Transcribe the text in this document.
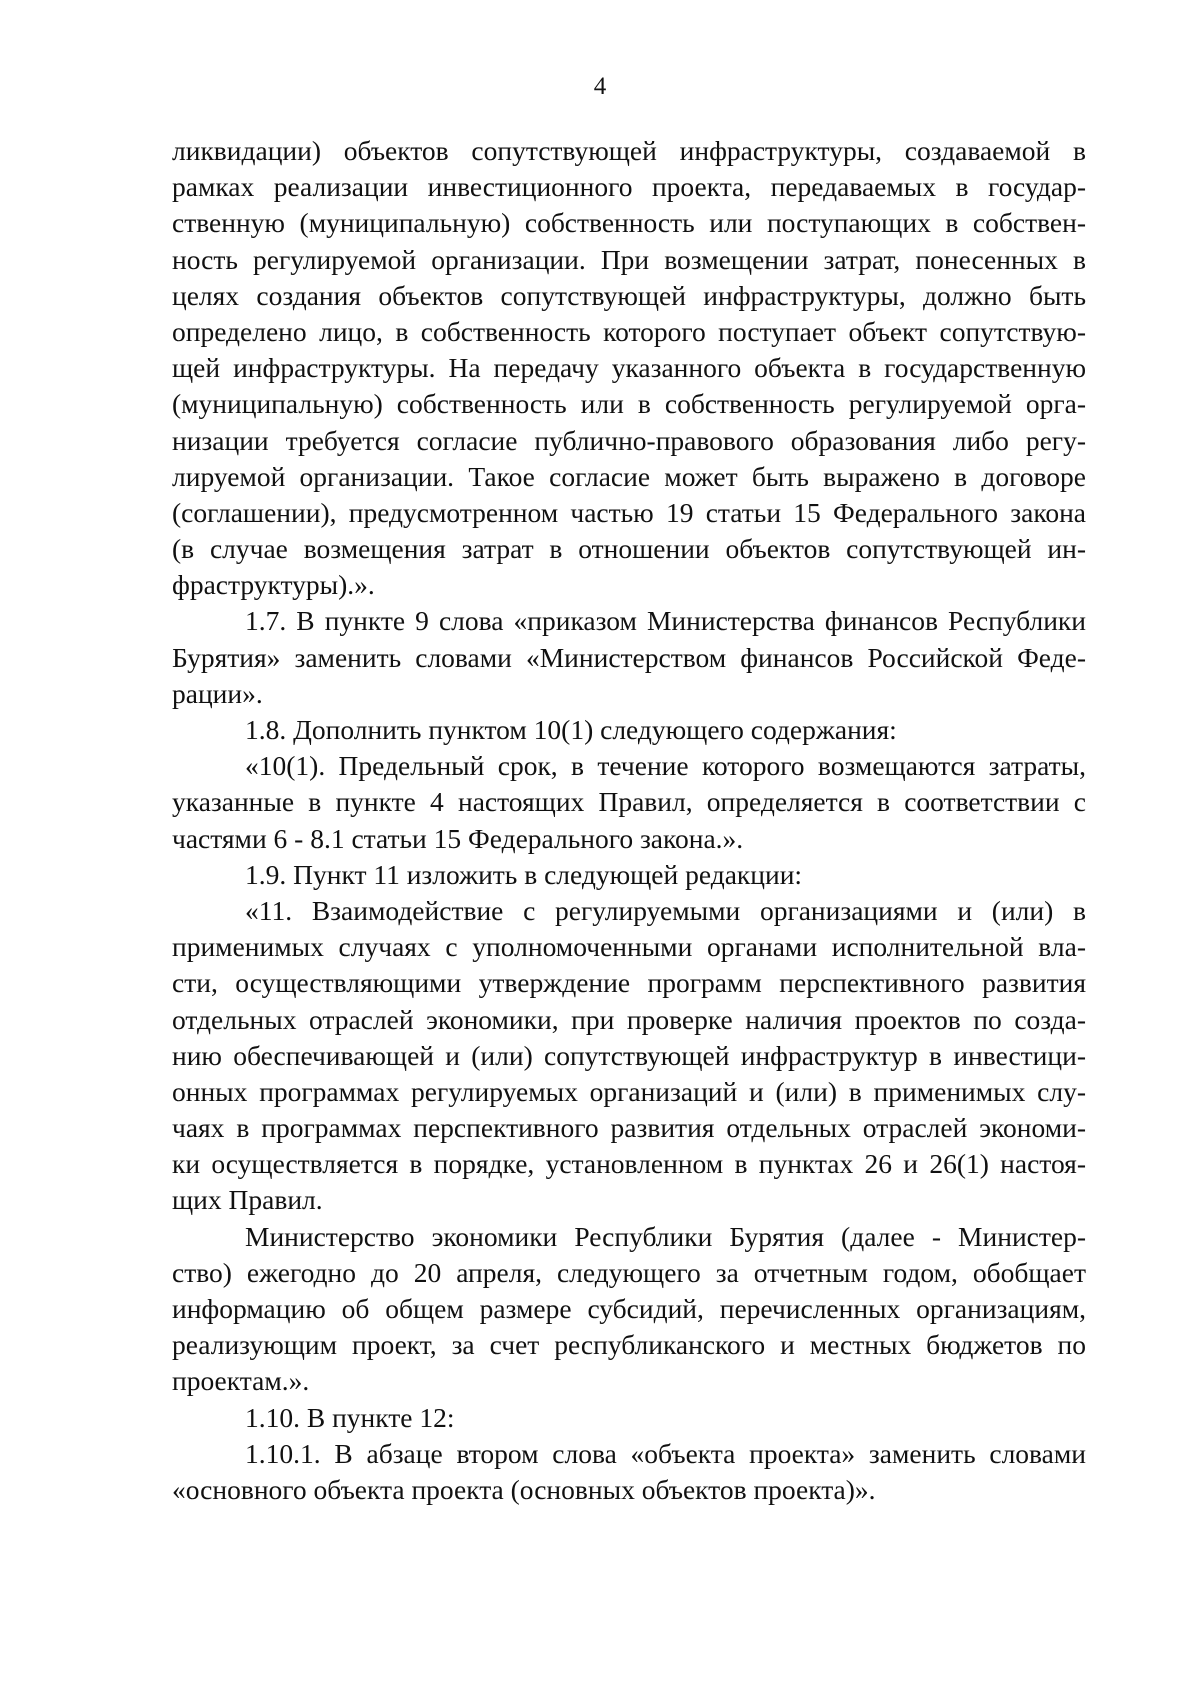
4
ликвидации) объектов сопутствующей инфраструктуры, создаваемой в
рамках реализации инвестиционного проекта, передаваемых в государ-
ственную (муниципальную) собственность или поступающих в собствен-
ность регулируемой организации. При возмещении затрат, понесенных в
целях создания объектов сопутствующей инфраструктуры, должно быть
определено лицо, в собственность которого поступает объект сопутствую-
щей инфраструктуры. На передачу указанного объекта в государственную
(муниципальную) собственность или в собственность регулируемой орга-
низации требуется согласие публично-правового образования либо регу-
лируемой организации. Такое согласие может быть выражено в договоре
(соглашении), предусмотренном частью 19 статьи 15 Федерального закона
(в случае возмещения затрат в отношении объектов сопутствующей ин-
фраструктуры).».
1.7. В пункте 9 слова «приказом Министерства финансов Республики
Бурятия» заменить словами «Министерством финансов Российской Феде-
рации».
1.8. Дополнить пунктом 10(1) следующего содержания:
«10(1). Предельный срок, в течение которого возмещаются затраты,
указанные в пункте 4 настоящих Правил, определяется в соответствии с
частями 6 - 8.1 статьи 15 Федерального закона.».
1.9. Пункт 11 изложить в следующей редакции:
«11. Взаимодействие с регулируемыми организациями и (или) в
применимых случаях с уполномоченными органами исполнительной вла-
сти, осуществляющими утверждение программ перспективного развития
отдельных отраслей экономики, при проверке наличия проектов по созда-
нию обеспечивающей и (или) сопутствующей инфраструктур в инвестици-
онных программах регулируемых организаций и (или) в применимых слу-
чаях в программах перспективного развития отдельных отраслей экономи-
ки осуществляется в порядке, установленном в пунктах 26 и 26(1) настоя-
щих Правил.
Министерство экономики Республики Бурятия (далее - Министер-
ство) ежегодно до 20 апреля, следующего за отчетным годом, обобщает
информацию об общем размере субсидий, перечисленных организациям,
реализующим проект, за счет республиканского и местных бюджетов по
проектам.».
1.10. В пункте 12:
1.10.1. В абзаце втором слова «объекта проекта» заменить словами
«основного объекта проекта (основных объектов проекта)».
